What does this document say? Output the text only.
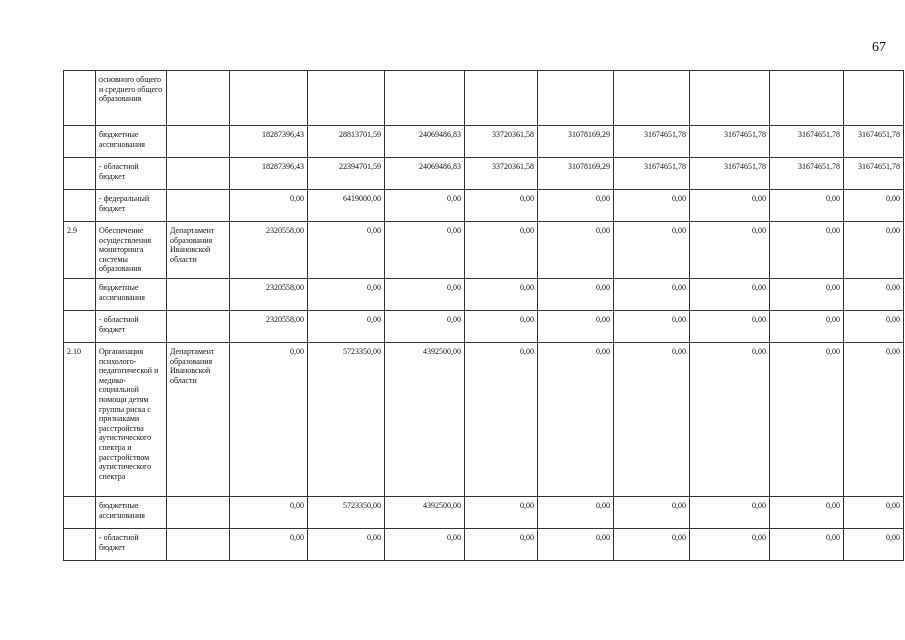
67
	основного общего и среднего общего образования										
	бюджетные ассигнования		18287396,43	28813701,59	24069486,83	33720361,58	31078169,29	31674651,78	31674651,78	31674651,78	31674651,78
	- областной бюджет		18287396,43	22394701,59	24069486,83	33720361,58	31078169,29	31674651,78	31674651,78	31674651,78	31674651,78
	- федеральный бюджет		0,00	6419000,00	0,00	0,00	0,00	0,00	0,00	0,00	0,00
2.9	Обеспечение осуществления мониторинга системы образования	Департамент образования Ивановской области	2320558,00	0,00	0,00	0,00	0,00	0,00	0,00	0,00	0,00
	бюджетные ассигнования		2320558,00	0,00	0,00	0,00	0,00	0,00	0,00	0,00	0,00
	- областной бюджет		2320558,00	0,00	0,00	0,00	0,00	0,00	0,00	0,00	0,00
2.10	Организация психолого-педагогической и медико-социальной помощи детям группы риска с признаками расстройства аутистического спектра и расстройством аутистического спектра	Департамент образования Ивановской области	0,00	5723350,00	4392500,00	0,00	0,00	0,00	0,00	0,00	0,00
	бюджетные ассигнования		0,00	5723350,00	4392500,00	0,00	0,00	0,00	0,00	0,00	0,00
	- областной бюджет		0,00	0,00	0,00	0,00	0,00	0,00	0,00	0,00	0,00
